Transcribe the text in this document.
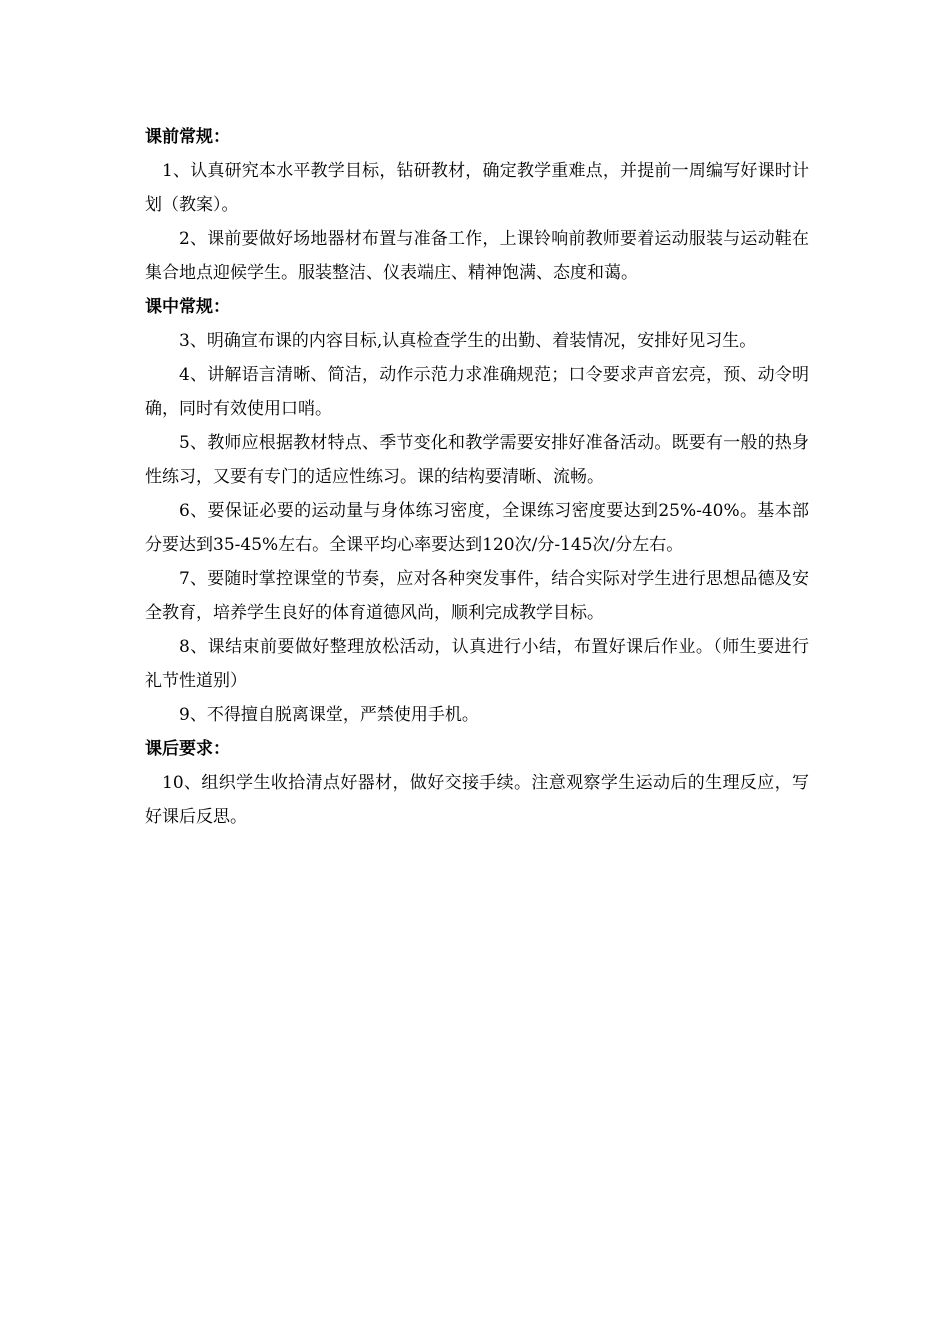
课前常规：

1、认真研究本水平教学目标，钻研教材，确定教学重难点，并提前一周编写好课时计划（教案）。

2、课前要做好场地器材布置与准备工作，上课铃响前教师要着运动服装与运动鞋在集合地点迎候学生。服装整洁、仪表端庄、精神饱满、态度和蔼。

课中常规：

3、明确宣布课的内容目标,认真检查学生的出勤、着装情况，安排好见习生。

4、讲解语言清晰、简洁，动作示范力求准确规范；口令要求声音宏亮，预、动令明确，同时有效使用口哨。

5、教师应根据教材特点、季节变化和教学需要安排好准备活动。既要有一般的热身性练习，又要有专门的适应性练习。课的结构要清晰、流畅。

6、要保证必要的运动量与身体练习密度，全课练习密度要达到25%-40%。基本部分要达到35-45%左右。全课平均心率要达到120次/分-145次/分左右。

7、要随时掌控课堂的节奏，应对各种突发事件，结合实际对学生进行思想品德及安全教育，培养学生良好的体育道德风尚，顺利完成教学目标。

8、课结束前要做好整理放松活动，认真进行小结，布置好课后作业。（师生要进行礼节性道别）

9、不得擅自脱离课堂，严禁使用手机。

课后要求：

10、组织学生收拾清点好器材，做好交接手续。注意观察学生运动后的生理反应，写好课后反思。
